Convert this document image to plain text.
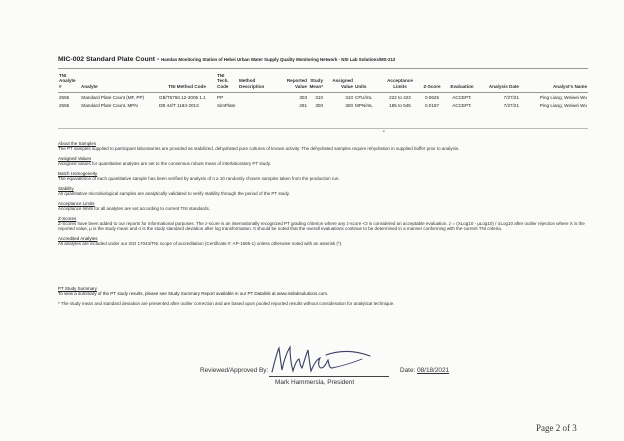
MIC-002 Standard Plate Count - Handan Monitoring Station of Hebei Urban Water Supply Quality Monitoring Network - NSI Lab Solutions/MS-212
TNI Analyte #	Analyte	TNI Method Code	TNI Tech. Code	Method Description	Reported Value	Study Mean*	Assigned Value	Units	Acceptance Limits	Z-Score	Evaluation	Analysis Date	Analyst's Name
2555	Standard Plate Count (MF, PP)	GB/T5750.12-2006 1.1	PP		303	310	310	CFU/mL	222 to 423	0.0625	ACCEPT.	7/27/21	Ping Liang, Weiwei Wu
2555	Standard Plate Count, MPN	DB 44/T 1183-2013	SimPlate		291	300	300	MPN/mL	185 to 545	0.0187	ACCEPT.	7/27/21	Ping Liang, Weiwei Wu
•
About the Samples
The PT samples supplied to participant laboratories are provided as stabilized, dehydrated pure cultures of known activity. The dehydrated samples require rehydration in supplied buffer prior to analysis.
Assigned Values
Assigned values for quantitative analytes are set to the consensus robust mean of interlaboratory PT study.
Batch Homogeneity
The equivalence of each quantitative sample has been verified by analysis of n ≥ 10 randomly chosen samples taken from the production run.
Stability
All quantitative microbiological samples are analytically validated to verify stability through the period of the PT study.
Acceptance Limits
Acceptance limits for all analytes are set according to current TNI standards.
Z-Scores
Z-Scores have been added to our reports for informational purposes. The z-score is an internationally recognized PT grading criterion where any z-score <3 is considered an acceptable evaluation. z = (XLog10 - μLog10) / σLog10 after outlier rejection where X is the reported value, μ is the study mean and σ is the study standard deviation after log transformation. It should be noted that the overall evaluations continue to be determined in a manner conforming with the current TNI criteria.
Accredited Analytes
All analytes are included under our ISO 17043/TNI scope of accreditation (Certificate #: AP-1665-1) unless otherwise noted with an asterisk (*).
PT Study Summary
To view a summary of the PT study results, please see Study Summary Report available in our PT Datalink at www.nsilabsolutions.com.
* The study mean and standard deviation are presented after outlier correction and are based upon pooled reported results without consideration for analytical technique.
Reviewed/Approved By:
Mark Hammersla, President
Date: 08/18/2021
Page 2 of 3
